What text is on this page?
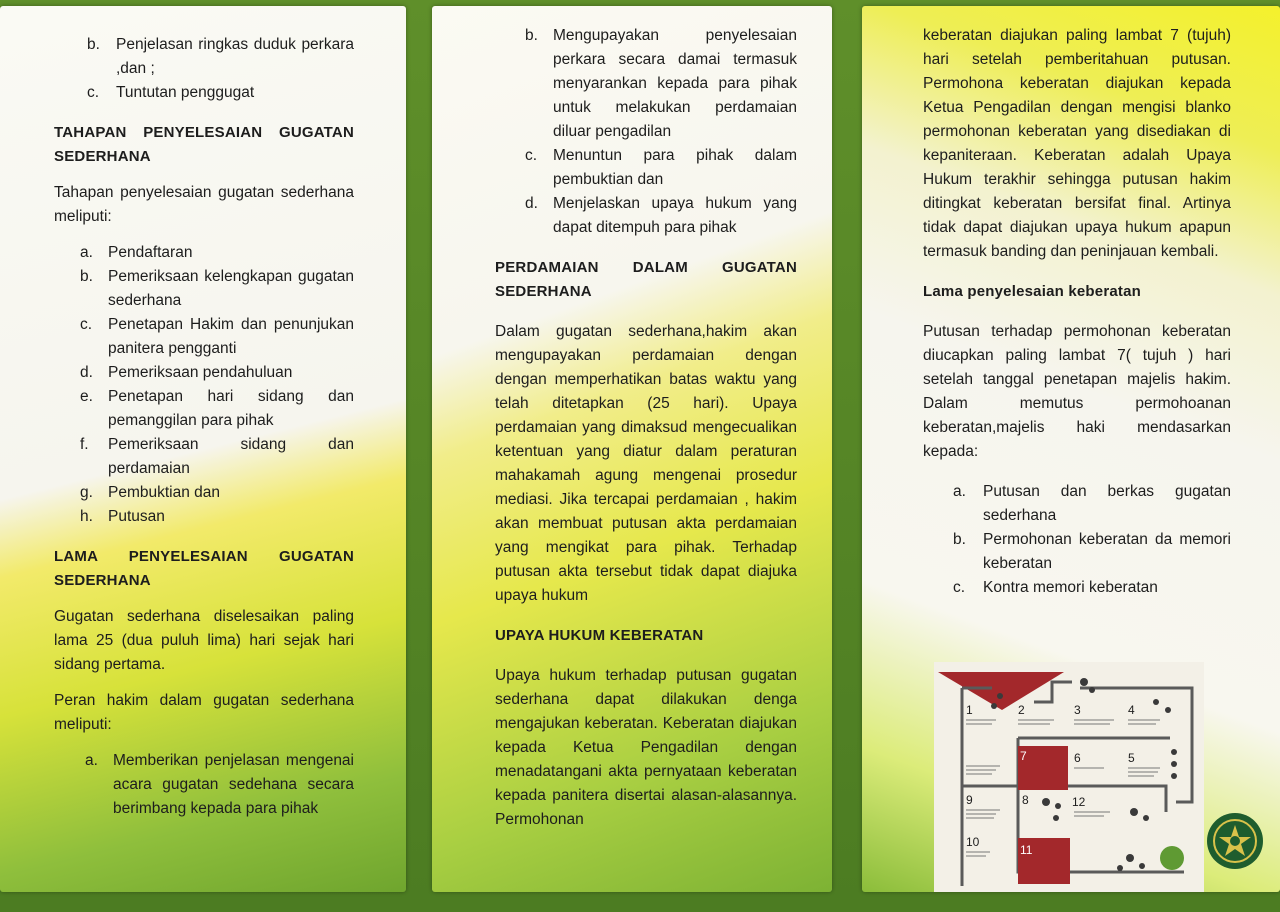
b. Penjelasan ringkas duduk perkara ,dan ;
c. Tuntutan penggugat
TAHAPAN PENYELESAIAN GUGATAN SEDERHANA

Tahapan penyelesaian gugatan sederhana meliputi:

a. Pendaftaran
b. Pemeriksaan kelengkapan gugatan sederhana
c. Penetapan Hakim dan penunjukan panitera pengganti
d. Pemeriksaan pendahuluan
e. Penetapan hari sidang dan pemanggilan para pihak
f. Pemeriksaan sidang dan perdamaian
g. Pembuktian dan
h. Putusan
LAMA PENYELESAIAN GUGATAN SEDERHANA

Gugatan sederhana diselesaikan paling lama 25 (dua puluh lima) hari sejak hari sidang pertama.

Peran hakim dalam gugatan sederhana meliputi:

a. Memberikan penjelasan mengenai acara gugatan sedehana secara berimbang kepada para pihak
b. Mengupayakan penyelesaian perkara secara damai termasuk menyarankan kepada para pihak untuk melakukan perdamaian diluar pengadilan
c. Menuntun para pihak dalam pembuktian dan
d. Menjelaskan upaya hukum yang dapat ditempuh para pihak
PERDAMAIAN DALAM GUGATAN SEDERHANA

Dalam gugatan sederhana,hakim akan mengupayakan perdamaian dengan dengan memperhatikan batas waktu yang telah ditetapkan (25 hari). Upaya perdamaian yang dimaksud mengecualikan ketentuan yang diatur dalam peraturan mahakamah agung mengenai prosedur mediasi. Jika tercapai perdamaian , hakim akan membuat putusan akta perdamaian yang mengikat para pihak. Terhadap putusan akta tersebut tidak dapat diajuka upaya hukum

UPAYA HUKUM KEBERATAN

Upaya hukum terhadap putusan gugatan sederhana dapat dilakukan denga mengajukan keberatan. Keberatan diajukan kepada Ketua Pengadilan dengan menadatangani akta pernyataan keberatan kepada panitera disertai alasan-alasannya. Permohonan

keberatan diajukan paling lambat 7 (tujuh) hari setelah pemberitahuan putusan. Permohona keberatan diajukan kepada Ketua Pengadilan dengan mengisi blanko permohonan keberatan yang disediakan di kepaniteraan. Keberatan adalah Upaya Hukum terakhir sehingga putusan hakim ditingkat keberatan bersifat final. Artinya tidak dapat diajukan upaya hukum apapun termasuk banding dan peninjauan kembali.

Lama penyelesaian keberatan

Putusan terhadap permohonan keberatan diucapkan paling lambat 7( tujuh ) hari setelah tanggal penetapan majelis hakim. Dalam memutus permohoanan keberatan,majelis haki mendasarkan kepada:

a. Putusan dan berkas gugatan sederhana
b. Permohonan keberatan da memori keberatan
c. Kontra memori keberatan
1	2	3	4
5
6
7
8
9
10
11
12
